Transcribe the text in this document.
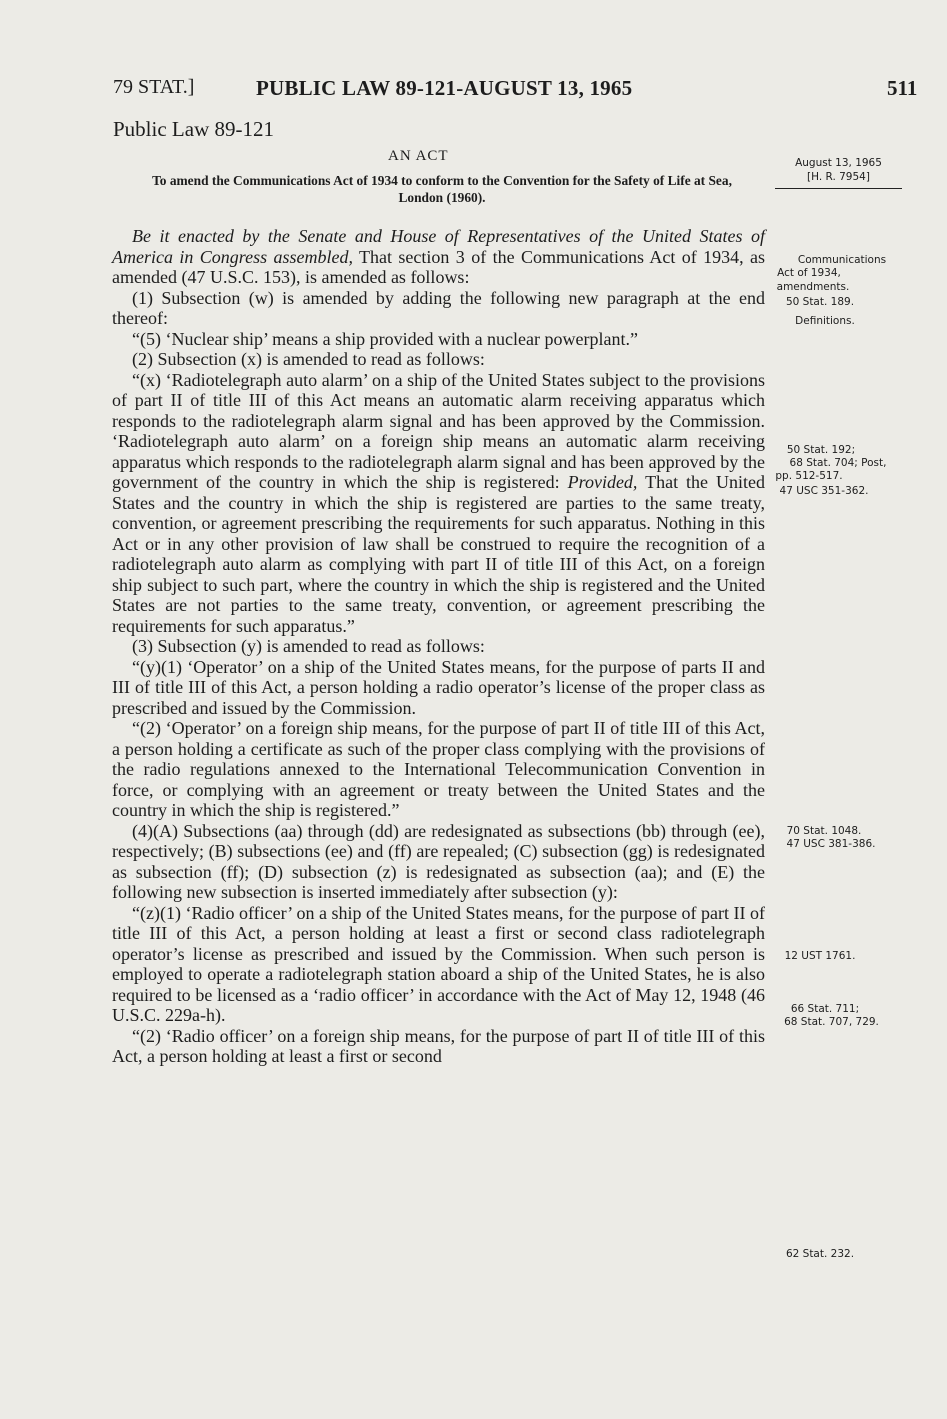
79 STAT.]	PUBLIC LAW 89-121-AUGUST 13, 1965	511
Public Law 89-121
AN ACT
To amend the Communications Act of 1934 to conform to the Convention for the Safety of Life at Sea, London (1960).
August 13, 1965
[H. R. 7954]
Communications
Act of 1934,
amendments.
50 Stat. 189.
Definitions.
50 Stat. 192;
68 Stat. 704; Post,
pp. 512-517.
47 USC 351-362.
70 Stat. 1048.
47 USC 381-386.
12 UST 1761.
66 Stat. 711;
68 Stat. 707, 729.
62 Stat. 232.

Be it enacted by the Senate and House of Representatives of the United States of America in Congress assembled, That section 3 of the Communications Act of 1934, as amended (47 U.S.C. 153), is amended as follows:

(1) Subsection (w) is amended by adding the following new paragraph at the end thereof:

“(5) ‘Nuclear ship’ means a ship provided with a nuclear powerplant.”

(2) Subsection (x) is amended to read as follows:

“(x) ‘Radiotelegraph auto alarm’ on a ship of the United States subject to the provisions of part II of title III of this Act means an automatic alarm receiving apparatus which responds to the radiotelegraph alarm signal and has been approved by the Commission. ‘Radiotelegraph auto alarm’ on a foreign ship means an automatic alarm receiving apparatus which responds to the radiotelegraph alarm signal and has been approved by the government of the country in which the ship is registered: Provided, That the United States and the country in which the ship is registered are parties to the same treaty, convention, or agreement prescribing the requirements for such apparatus. Nothing in this Act or in any other provision of law shall be construed to require the recognition of a radiotelegraph auto alarm as complying with part II of title III of this Act, on a foreign ship subject to such part, where the country in which the ship is registered and the United States are not parties to the same treaty, convention, or agreement prescribing the requirements for such apparatus.”

(3) Subsection (y) is amended to read as follows:

“(y)(1) ‘Operator’ on a ship of the United States means, for the purpose of parts II and III of title III of this Act, a person holding a radio operator’s license of the proper class as prescribed and issued by the Commission.

“(2) ‘Operator’ on a foreign ship means, for the purpose of part II of title III of this Act, a person holding a certificate as such of the proper class complying with the provisions of the radio regulations annexed to the International Telecommunication Convention in force, or complying with an agreement or treaty between the United States and the country in which the ship is registered.”

(4)(A) Subsections (aa) through (dd) are redesignated as subsections (bb) through (ee), respectively; (B) subsections (ee) and (ff) are repealed; (C) subsection (gg) is redesignated as subsection (ff); (D) subsection (z) is redesignated as subsection (aa); and (E) the following new subsection is inserted immediately after subsection (y):

“(z)(1) ‘Radio officer’ on a ship of the United States means, for the purpose of part II of title III of this Act, a person holding at least a first or second class radiotelegraph operator’s license as prescribed and issued by the Commission. When such person is employed to operate a radiotelegraph station aboard a ship of the United States, he is also required to be licensed as a ‘radio officer’ in accordance with the Act of May 12, 1948 (46 U.S.C. 229a-h).

“(2) ‘Radio officer’ on a foreign ship means, for the purpose of part II of title III of this Act, a person holding at least a first or second
